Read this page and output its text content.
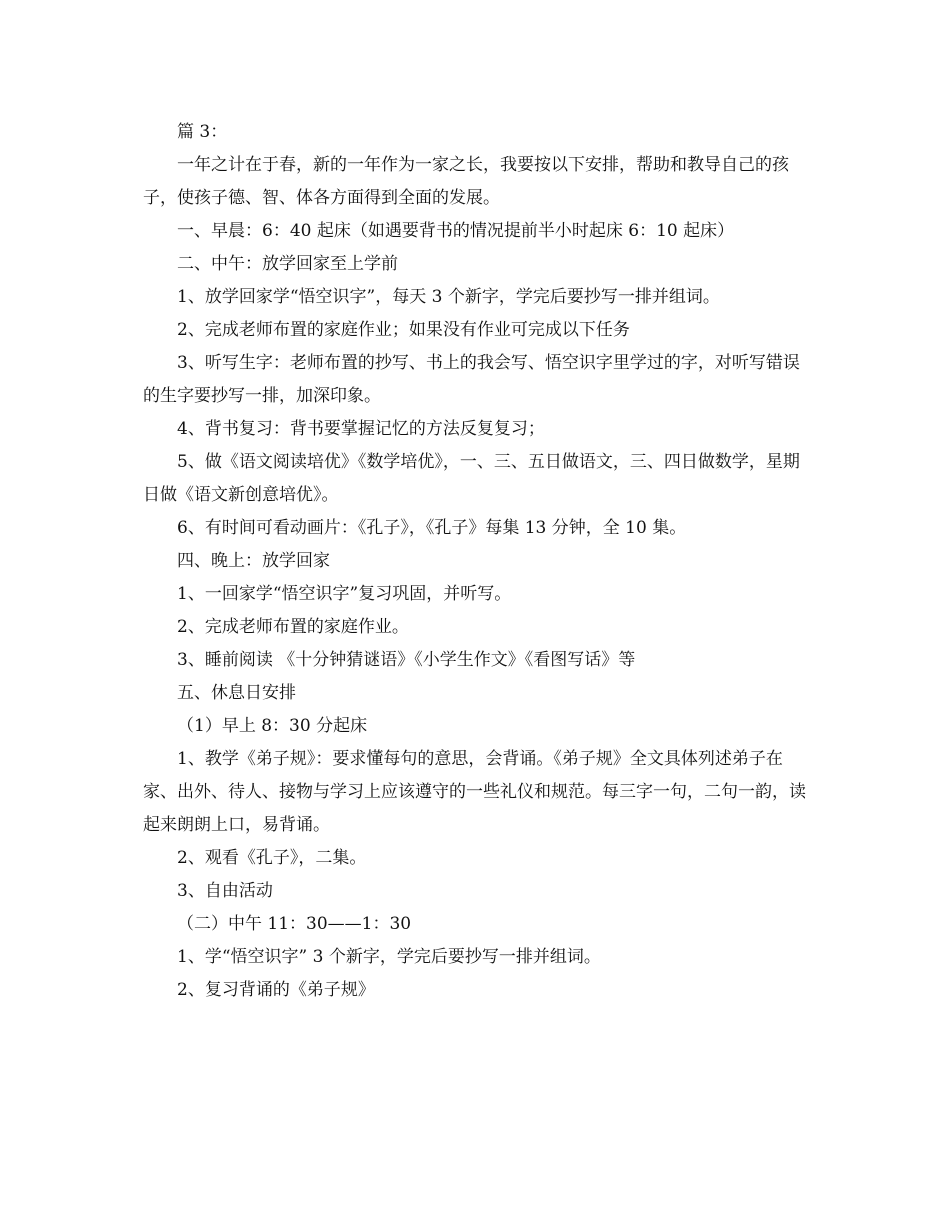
篇 3：

一年之计在于春，新的一年作为一家之长，我要按以下安排，帮助和教导自己的孩子，使孩子德、智、体各方面得到全面的发展。

一、早晨：6：40 起床（如遇要背书的情况提前半小时起床 6：10 起床）

二、中午：放学回家至上学前

1、放学回家学“悟空识字”，每天 3 个新字，学完后要抄写一排并组词。

2、完成老师布置的家庭作业；如果没有作业可完成以下任务

3、听写生字：老师布置的抄写、书上的我会写、悟空识字里学过的字，对听写错误的生字要抄写一排，加深印象。

4、背书复习：背书要掌握记忆的方法反复复习；

5、做《语文阅读培优》《数学培优》，一、三、五日做语文，三、四日做数学，星期日做《语文新创意培优》。

6、有时间可看动画片：《孔子》，《孔子》每集 13 分钟，全 10 集。

四、晚上：放学回家

1、一回家学“悟空识字”复习巩固，并听写。

2、完成老师布置的家庭作业。

3、睡前阅读 《十分钟猜谜语》《小学生作文》《看图写话》等

五、休息日安排

（1）早上 8：30 分起床

1、教学《弟子规》：要求懂每句的意思，会背诵。《弟子规》全文具体列述弟子在家、出外、待人、接物与学习上应该遵守的一些礼仪和规范。每三字一句，二句一韵，读起来朗朗上口，易背诵。

2、观看《孔子》，二集。

3、自由活动

（二）中午 11：30——1：30

1、学“悟空识字” 3 个新字，学完后要抄写一排并组词。

2、复习背诵的《弟子规》
